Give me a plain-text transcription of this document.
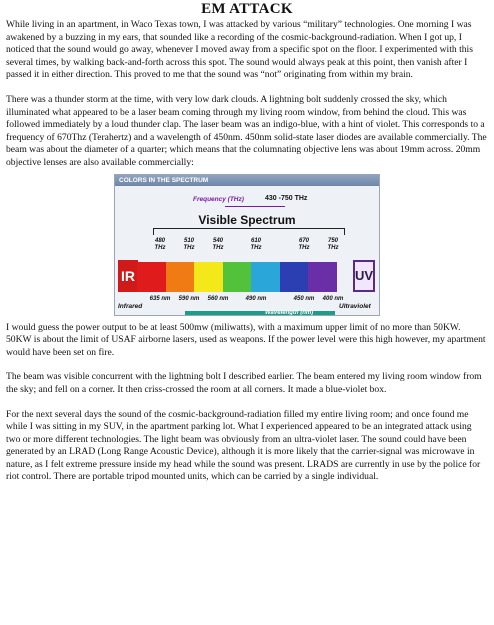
EM ATTACK

While living in an apartment, in Waco Texas town, I was attacked by various “military” technologies. One morning I was awakened by a buzzing in my ears, that sounded like a recording of the cosmic-background-radiation. When I got up, I noticed that the sound would go away, whenever I moved away from a specific spot on the floor. I experimented with this several times, by walking back-and-forth across this spot. The sound would always peak at this point, then vanish after I passed it in either direction. This proved to me that the sound was “not” originating from within my brain.

There was a thunder storm at the time, with very low dark clouds. A lightning bolt suddenly crossed the sky, which illuminated what appeared to be a laser beam coming through my living room window, from behind the cloud. This was followed immediately by a loud thunder clap. The laser beam was an indigo-blue, with a hint of violet. This corresponds to a frequency of 670Thz (Terahertz) and a wavelength of 450nm. 450nm solid-state laser diodes are available commercially. The beam was about the diameter of a quarter; which means that the columnating objective lens was about 19mm across. 20mm objective lenses are also available commercially:

COLORS IN THE SPECTRUM
Frequency (THz)	430 -750 THz
Visible Spectrum
480 THz
510 THz
540 THz
610 THz
670 THz
750 THz
IR	UV
635 nm 590 nm 560 nm	490 nm	450 nm 400 nm
Infrared	Ultraviolet
Wavelength (nm)

I would guess the power output to be at least 500mw (miliwatts), with a maximum upper limit of no more than 50KW. 50KW is about the limit of USAF airborne lasers, used as weapons. If the power level were this high however, my apartment would have been set on fire.

The beam was visible concurrent with the lightning bolt I described earlier. The beam entered my living room window from the sky; and fell on a corner. It then criss-crossed the room at all corners. It made a blue-violet box.

For the next several days the sound of the cosmic-background-radiation filled my entire living room; and once found me while I was sitting in my SUV, in the apartment parking lot. What I experienced appeared to be an integrated attack using two or more different technologies. The light beam was obviously from an ultra-violet laser. The sound could have been generated by an LRAD (Long Range Acoustic Device), although it is more likely that the carrier-signal was microwave in nature, as I felt extreme pressure inside my head while the sound was present. LRADS are currently in use by the police for riot control. There are portable tripod mounted units, which can be carried by a single individual.
